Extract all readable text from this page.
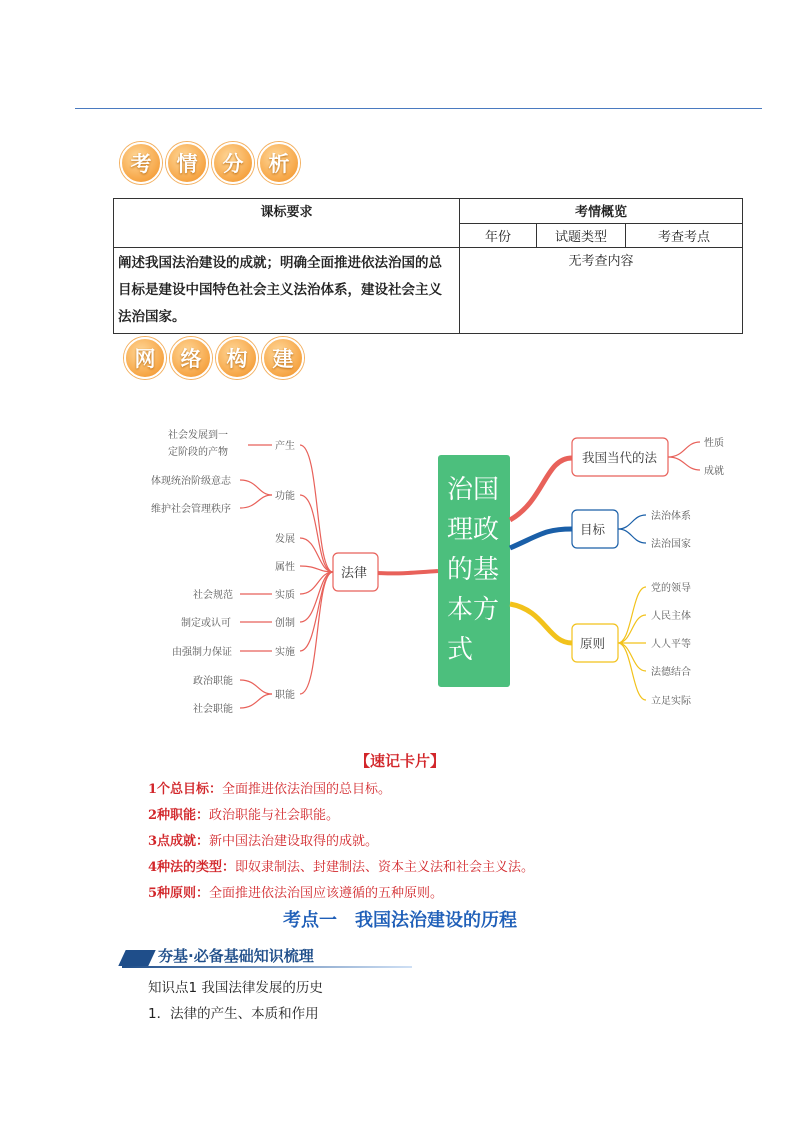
考	情	分	析
课标要求	考情概览		
	年份	试题类型	考查考点
阐述我国法治建设的成就；明确全面推进依法治国的总目标是建设中国特色社会主义法治体系，建设社会主义法治国家。	无考查内容		
网	络	构	建
治国
理政
的基
本方
式
法律
产生
功能
发展
属性
实质
创制
实施
职能
社会发展到一
定阶段的产物
体现统治阶级意志
维护社会管理秩序
社会规范
制定或认可
由强制力保证
政治职能
社会职能
我国当代的法
目标
原则
性质
成就
法治体系
法治国家
党的领导
人民主体
人人平等
法德结合
立足实际
【速记卡片】
1个总目标：全面推进依法治国的总目标。
2种职能：政治职能与社会职能。
3点成就：新中国法治建设取得的成就。
4种法的类型：即奴隶制法、封建制法、资本主义法和社会主义法。
5种原则：全面推进依法治国应该遵循的五种原则。
考点一　我国法治建设的历程
夯基·必备基础知识梳理
知识点1 我国法律发展的历史
1．法律的产生、本质和作用
